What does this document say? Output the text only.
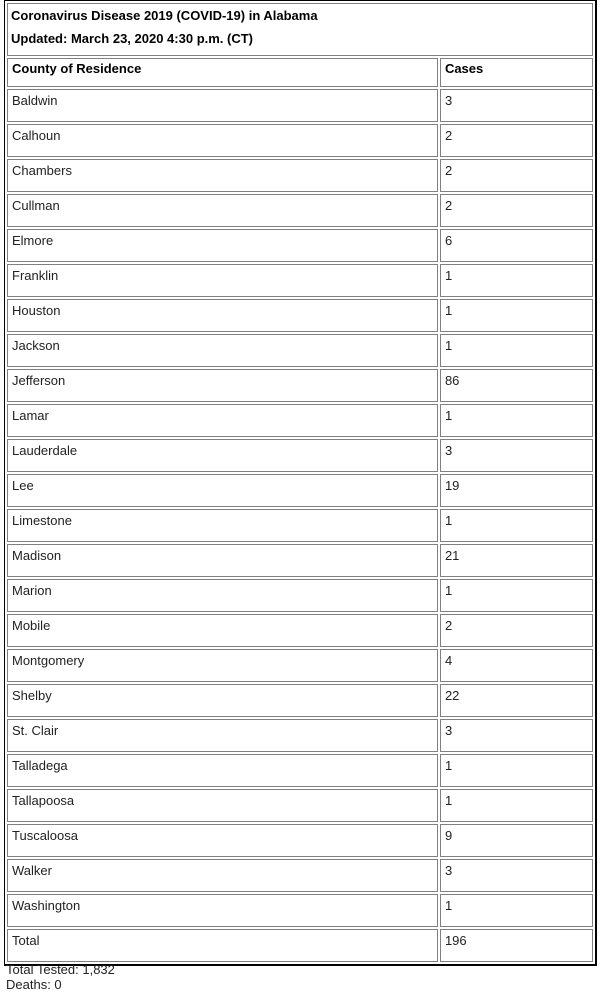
Coronavirus Disease 2019 (COVID-19) in Alabama
Updated: March 23, 2020 4:30 p.m. (CT)	

County of Residence	Cases
Baldwin	3
Calhoun	2
Chambers	2
Cullman	2
Elmore	6
Franklin	1
Houston	1
Jackson	1
Jefferson	86
Lamar	1
Lauderdale	3
Lee	19
Limestone	1
Madison	21
Marion	1
Mobile	2
Montgomery	4
Shelby	22
St. Clair	3
Talladega	1
Tallapoosa	1
Tuscaloosa	9
Walker	3
Washington	1
Total	196
Total Tested: 1,832
Deaths: 0
